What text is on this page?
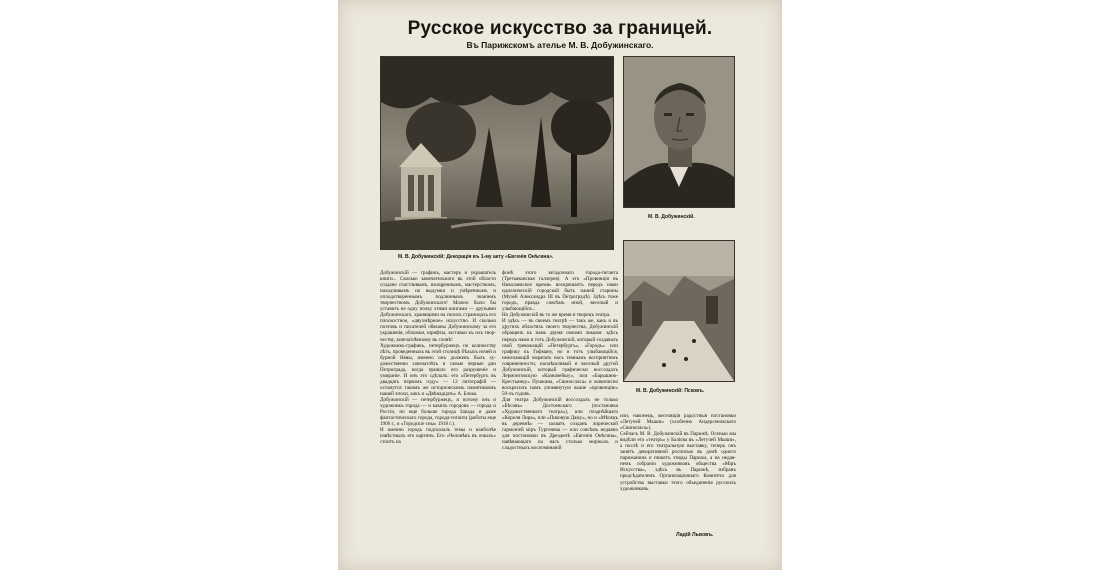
Русское искусство за границей.
Въ Парижскомъ ателье М. В. Добужинскаго.
М. В. Добужинскій: Декорація въ 1-му акту «Евгенія Онѣгина».
М. В. Добужинскій.
М. В. Добужинскій: Псковъ.
Добужинскій — графикъ, мастеръ и украшатель книги... Сколько замечательнаго въ этой области создано счастливымъ, изощреннымъ, мастерствомъ, находчивымъ на выдумки и умѣреннымъ и оплодотвореннымъ подлиннымъ знаніемъ творчествомъ Добужинскаго! Можно было бы уставить не одну полку этими книгами — друзьями Добужинскаго, хранящими на своихъ страницахъ его плоскостное, «двухмѣрное» искусство. И сколько поэтовъ и писателей обязаны Добужинскому за его украшенія, обложки, шрифты, заставки къ ихъ творчеству, запечатлѣнному въ словѣ!
Художникъ-графикъ, петербуржецъ по количеству лѣтъ, проведенныхъ въ этой столицѣ бѣлыхъ ночей и бурной Невы, именно онъ долженъ былъ художественно запечатлѣть и самые черные дни Петрограда, когда пришло его разрушеніе и умираніе. И онъ это сдѣлалъ: его «Петербургъ въ двадцать первомъ году» — 12 литографій — останутся такимъ же историческимъ памятникомъ нашей эпохи, какъ и «Двѣнадцать» А. Блока.
Добужинскій — петербуржецъ, и потому онъ и художникъ города — и какихъ городовъ — города и Россіи, но еще больше города Запада и даже фантастическаго города, города-гиганта (работы еще 1906 г., и «Городскіе сны» 1918 г.).
И именно городъ подсказалъ темы и наиболѣе извѣстныхъ его картинъ. Его «Человѣкъ въ очкахъ» стоитъ на
фонѣ этого загадочнаго города-гиганта (Третьяковская галлерея). А его «Провинція въ Николаевское время» воскрешаетъ передъ нами идиллическій городской быть нашей старины (Музей Александра III въ Петроградѣ). Здѣсь тоже городъ, правда совсѣмъ иной, веселый и улыбающійся...
Но Добужинскій въ то же время и творецъ театра.
И здѣсь — въ своемъ театрѣ — такъ же, какъ и въ другихъ областяхъ своего творчества, Добужинскій обращенъ къ намъ двумя своими ликами: здѣсь передъ нами и тотъ Добужинскій, который создавалъ свой тревожащій «Петербургъ», «Городъ» или графику къ Гофману, но и тотъ улыбающійся, нежелающій омрачать насъ темнымъ восприятіемъ современности, насмѣшливый и веселый другой Добужинскій, который графически воссоздалъ Лермонтовскую «Казначейшу», или «Барышню-Крестьянку» Пушкина, «Свиносласа» и живописно воскресилъ намъ упомянутую выше «провинцію» 50-хъ годовъ.
Для театра Добужинскій воссоздалъ не только «Бѣсовъ» Достоевскаго (постановка «Художественнаго театра»), или позднѣйшаго «Короля Лира», или «Пиковую Даму», но и «Мѣсяцъ въ деревнѣ» — захватъ созданъ лирической гармоніей міръ Тургенева — или совсѣмъ недавно для постановки въ Дрезденѣ «Евгенія Онѣгина», навѣвающаго на насъ столько мирныхъ и сладостныхъ воспоминаній
или, наконецъ, веселящія радостныя постановки «Летучей Мыши» (особенно Андерсеновскаго «Свинопаса»).
Сейчасъ М. В. Добужинскій въ Парижѣ. Осенью мы видѣли его «театръ» у Балієва въ «Летучей Мыши», а послѣ и его театральную выставку, теперь онъ занятъ декоративной росписью въ домѣ одного парижанина и пишетъ этюды Парижа, а на недавнемъ собраніи художниковъ общества «Міръ Искусства», здѣсь въ Парижѣ, избранъ предсѣдателемъ Организаціоннаго Комитета для устройства выставки этого объединенія русскихъ художниковъ.
Ладій Львовъ.
